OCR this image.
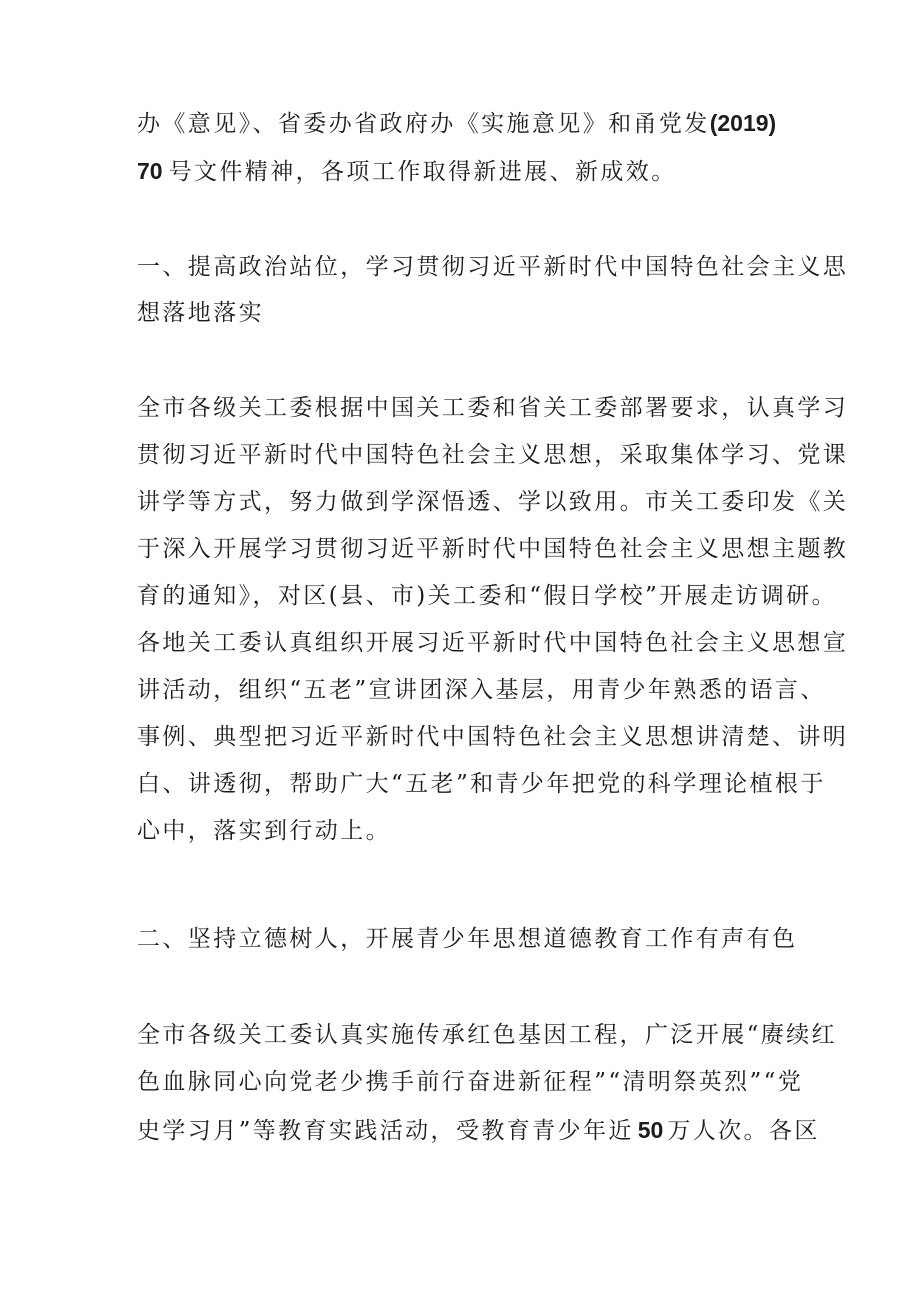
办《意见》、省委办省政府办《实施意见》和甬党发(2019)
70 号文件精神，各项工作取得新进展、新成效。
一、提高政治站位，学习贯彻习近平新时代中国特色社会主义思
想落地落实
全市各级关工委根据中国关工委和省关工委部署要求，认真学习
贯彻习近平新时代中国特色社会主义思想，采取集体学习、党课
讲学等方式，努力做到学深悟透、学以致用。市关工委印发《关
于深入开展学习贯彻习近平新时代中国特色社会主义思想主题教
育的通知》，对区(县、市)关工委和“假日学校”开展走访调研。
各地关工委认真组织开展习近平新时代中国特色社会主义思想宣
讲活动，组织“五老”宣讲团深入基层，用青少年熟悉的语言、
事例、典型把习近平新时代中国特色社会主义思想讲清楚、讲明
白、讲透彻，帮助广大“五老”和青少年把党的科学理论植根于
心中，落实到行动上。
二、坚持立德树人，开展青少年思想道德教育工作有声有色
全市各级关工委认真实施传承红色基因工程，广泛开展“赓续红
色血脉同心向党老少携手前行奋进新征程”“清明祭英烈”“党
史学习月”等教育实践活动，受教育青少年近 50 万人次。各区
